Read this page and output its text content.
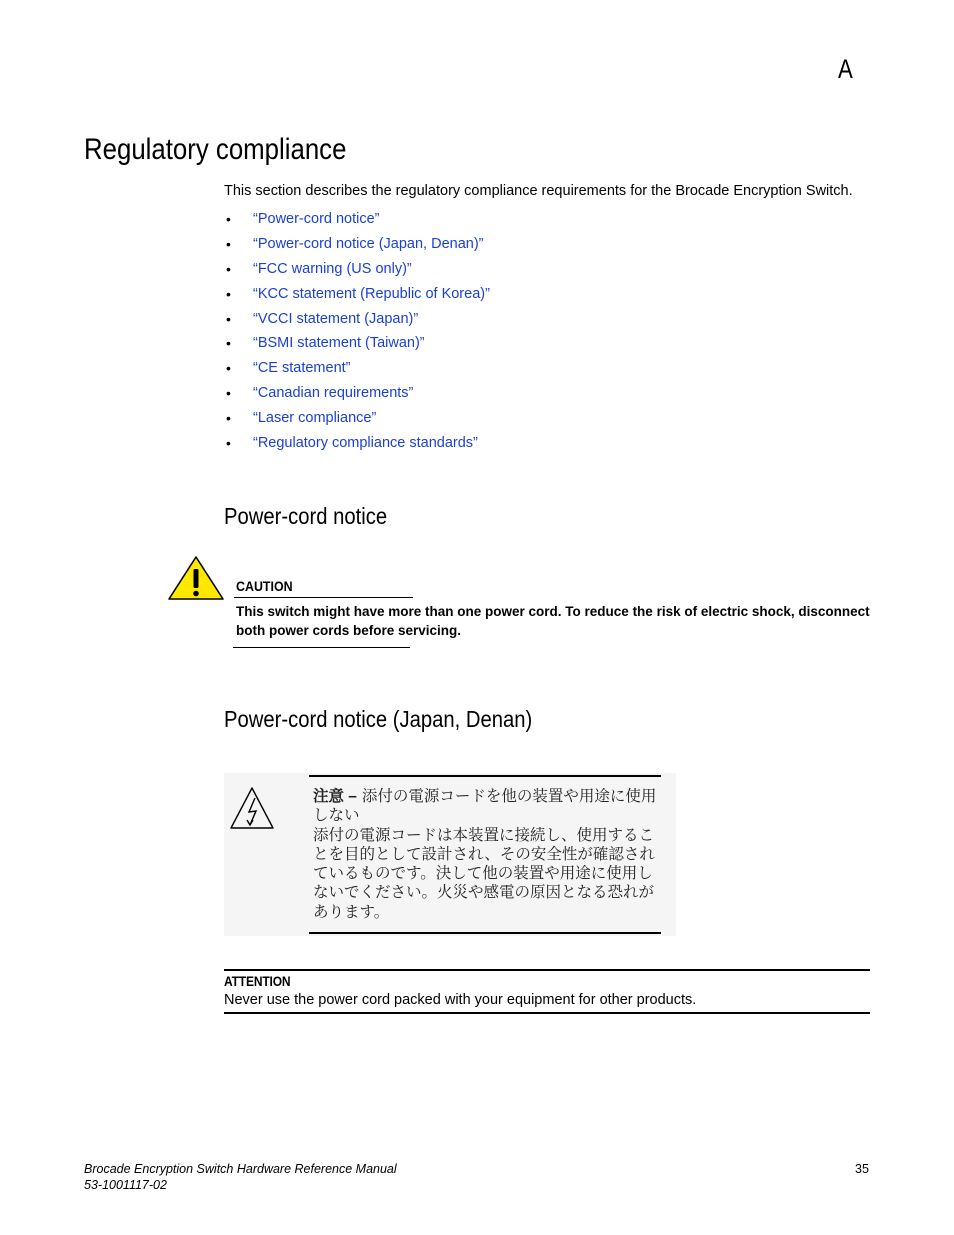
A
Regulatory compliance

This section describes the regulatory compliance requirements for the Brocade Encryption Switch.

• “Power-cord notice”
• “Power-cord notice (Japan, Denan)”
• “FCC warning (US only)”
• “KCC statement (Republic of Korea)”
• “VCCI statement (Japan)”
• “BSMI statement (Taiwan)”
• “CE statement”
• “Canadian requirements”
• “Laser compliance”
• “Regulatory compliance standards”
Power-cord notice
CAUTION

This switch might have more than one power cord. To reduce the risk of electric shock, disconnect both power cords before servicing.

Power-cord notice (Japan, Denan)

注意 – 添付の電源コードを他の装置や用途に使用しない
添付の電源コードは本装置に接続し、使用することを目的として設計され、その安全性が確認されているものです。決して他の装置や用途に使用しないでください。火災や感電の原因となる恐れがあります。

ATTENTION

Never use the power cord packed with your equipment for other products.

Brocade Encryption Switch Hardware Reference Manual
53-1001117-02
35
